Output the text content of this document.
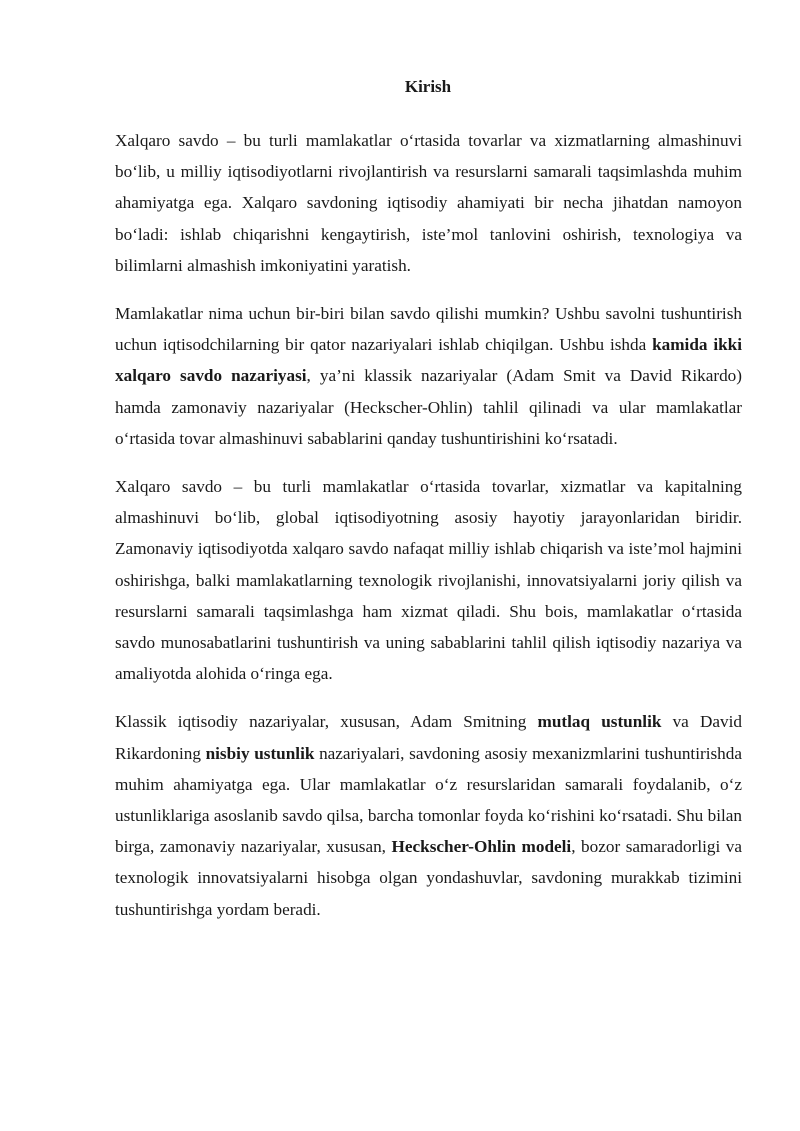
Kirish

Xalqaro savdo – bu turli mamlakatlar oʻrtasida tovarlar va xizmatlarning almashinuvi boʻlib, u milliy iqtisodiyotlarni rivojlantirish va resurslarni samarali taqsimlashda muhim ahamiyatga ega. Xalqaro savdoning iqtisodiy ahamiyati bir necha jihatdan namoyon boʻladi: ishlab chiqarishni kengaytirish, iste’mol tanlovini oshirish, texnologiya va bilimlarni almashish imkoniyatini yaratish.

Mamlakatlar nima uchun bir-biri bilan savdo qilishi mumkin? Ushbu savolni tushuntirish uchun iqtisodchilarning bir qator nazariyalari ishlab chiqilgan. Ushbu ishda kamida ikki xalqaro savdo nazariyasi, ya’ni klassik nazariyalar (Adam Smit va David Rikardo) hamda zamonaviy nazariyalar (Heckscher-Ohlin) tahlil qilinadi va ular mamlakatlar oʻrtasida tovar almashinuvi sabablarini qanday tushuntirishini koʻrsatadi.

Xalqaro savdo – bu turli mamlakatlar oʻrtasida tovarlar, xizmatlar va kapitalning almashinuvi boʻlib, global iqtisodiyotning asosiy hayotiy jarayonlaridan biridir. Zamonaviy iqtisodiyotda xalqaro savdo nafaqat milliy ishlab chiqarish va iste’mol hajmini oshirishga, balki mamlakatlarning texnologik rivojlanishi, innovatsiyalarni joriy qilish va resurslarni samarali taqsimlashga ham xizmat qiladi. Shu bois, mamlakatlar oʻrtasida savdo munosabatlarini tushuntirish va uning sabablarini tahlil qilish iqtisodiy nazariya va amaliyotda alohida oʻringa ega.

Klassik iqtisodiy nazariyalar, xususan, Adam Smitning mutlaq ustunlik va David Rikardoning nisbiy ustunlik nazariyalari, savdoning asosiy mexanizmlarini tushuntirishda muhim ahamiyatga ega. Ular mamlakatlar oʻz resurslaridan samarali foydalanib, oʻz ustunliklariga asoslanib savdo qilsa, barcha tomonlar foyda koʻrishini koʻrsatadi. Shu bilan birga, zamonaviy nazariyalar, xususan, Heckscher-Ohlin modeli, bozor samaradorligi va texnologik innovatsiyalarni hisobga olgan yondashuvlar, savdoning murakkab tizimini tushuntirishga yordam beradi.
